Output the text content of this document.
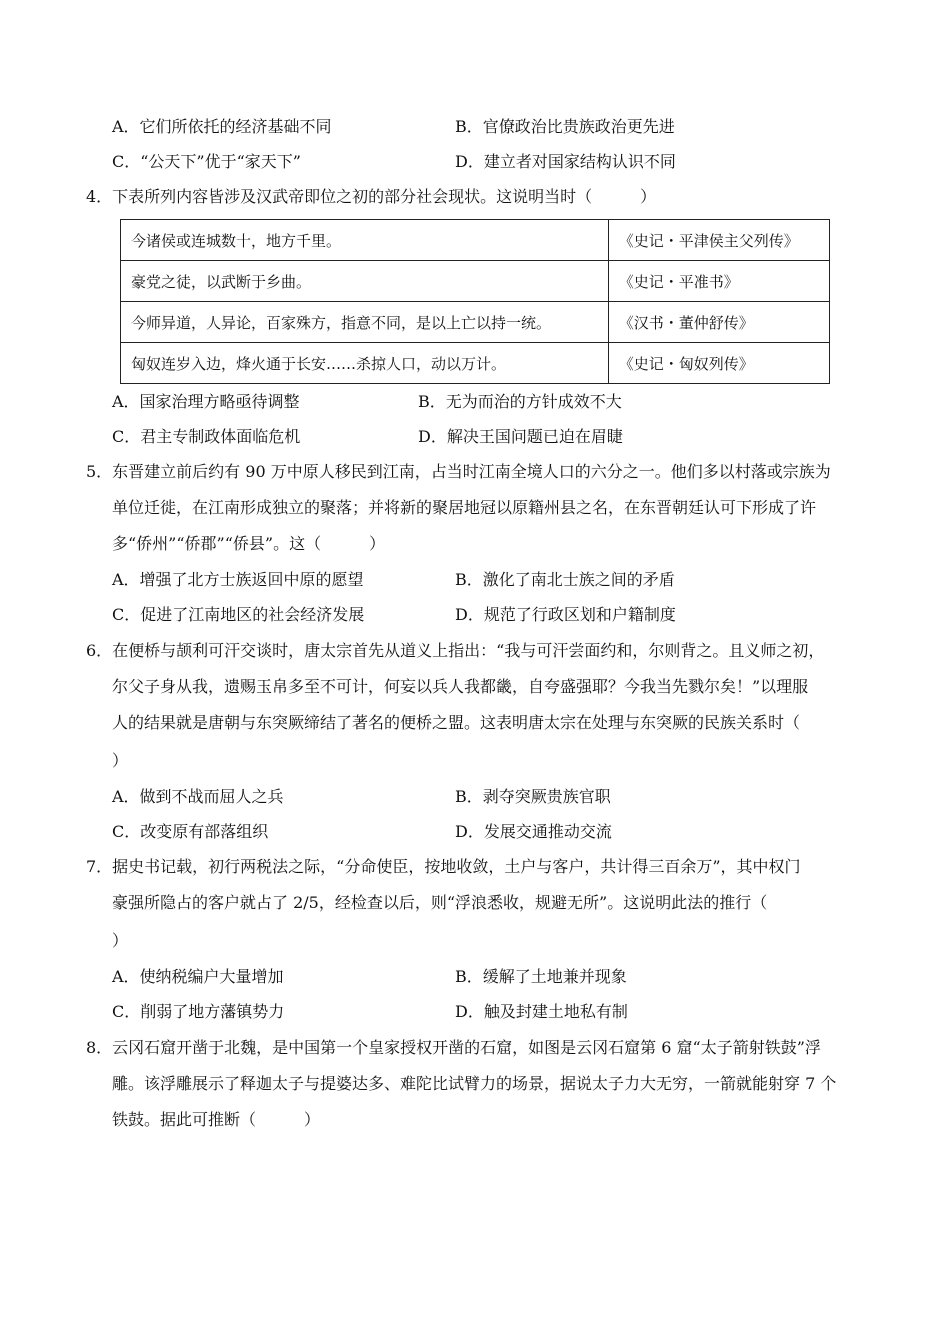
A．它们所依托的经济基础不同	B．官僚政治比贵族政治更先进
C．“公天下”优于“家天下”	D．建立者对国家结构认识不同
4．下表所列内容皆涉及汉武帝即位之初的部分社会现状。这说明当时（　　　）
今诸侯或连城数十，地方千里。	《史记・平津侯主父列传》
豪党之徒，以武断于乡曲。	《史记・平准书》
今师异道，人异论，百家殊方，指意不同，是以上亡以持一统。	《汉书・董仲舒传》
匈奴连岁入边，烽火通于长安……杀掠人口，动以万计。	《史记・匈奴列传》
A．国家治理方略亟待调整	B．无为而治的方针成效不大
C．君主专制政体面临危机	D．解决王国问题已迫在眉睫
5．东晋建立前后约有 90 万中原人移民到江南，占当时江南全境人口的六分之一。他们多以村落或宗族为
单位迁徙，在江南形成独立的聚落；并将新的聚居地冠以原籍州县之名，在东晋朝廷认可下形成了许
多“侨州”“侨郡”“侨县”。这（　　　）
A．增强了北方士族返回中原的愿望	B．激化了南北士族之间的矛盾
C．促进了江南地区的社会经济发展	D．规范了行政区划和户籍制度
6．在便桥与颉利可汗交谈时，唐太宗首先从道义上指出：“我与可汗尝面约和，尔则背之。且义师之初，
尔父子身从我，遗赐玉帛多至不可计，何妄以兵人我都畿，自夸盛强耶？今我当先戮尔矣！”以理服
人的结果就是唐朝与东突厥缔结了著名的便桥之盟。这表明唐太宗在处理与东突厥的民族关系时（
）
A．做到不战而屈人之兵	B．剥夺突厥贵族官职
C．改变原有部落组织	D．发展交通推动交流
7．据史书记载，初行两税法之际，“分命使臣，按地收敛，土户与客户，共计得三百余万”，其中权门
豪强所隐占的客户就占了 2/5，经检查以后，则“浮浪悉收，规避无所”。这说明此法的推行（
）
A．使纳税编户大量增加	B．缓解了土地兼并现象
C．削弱了地方藩镇势力	D．触及封建土地私有制
8．云冈石窟开凿于北魏，是中国第一个皇家授权开凿的石窟，如图是云冈石窟第 6 窟“太子箭射铁鼓”浮
雕。该浮雕展示了释迦太子与提婆达多、难陀比试臂力的场景，据说太子力大无穷，一箭就能射穿 7 个
铁鼓。据此可推断（　　　）
